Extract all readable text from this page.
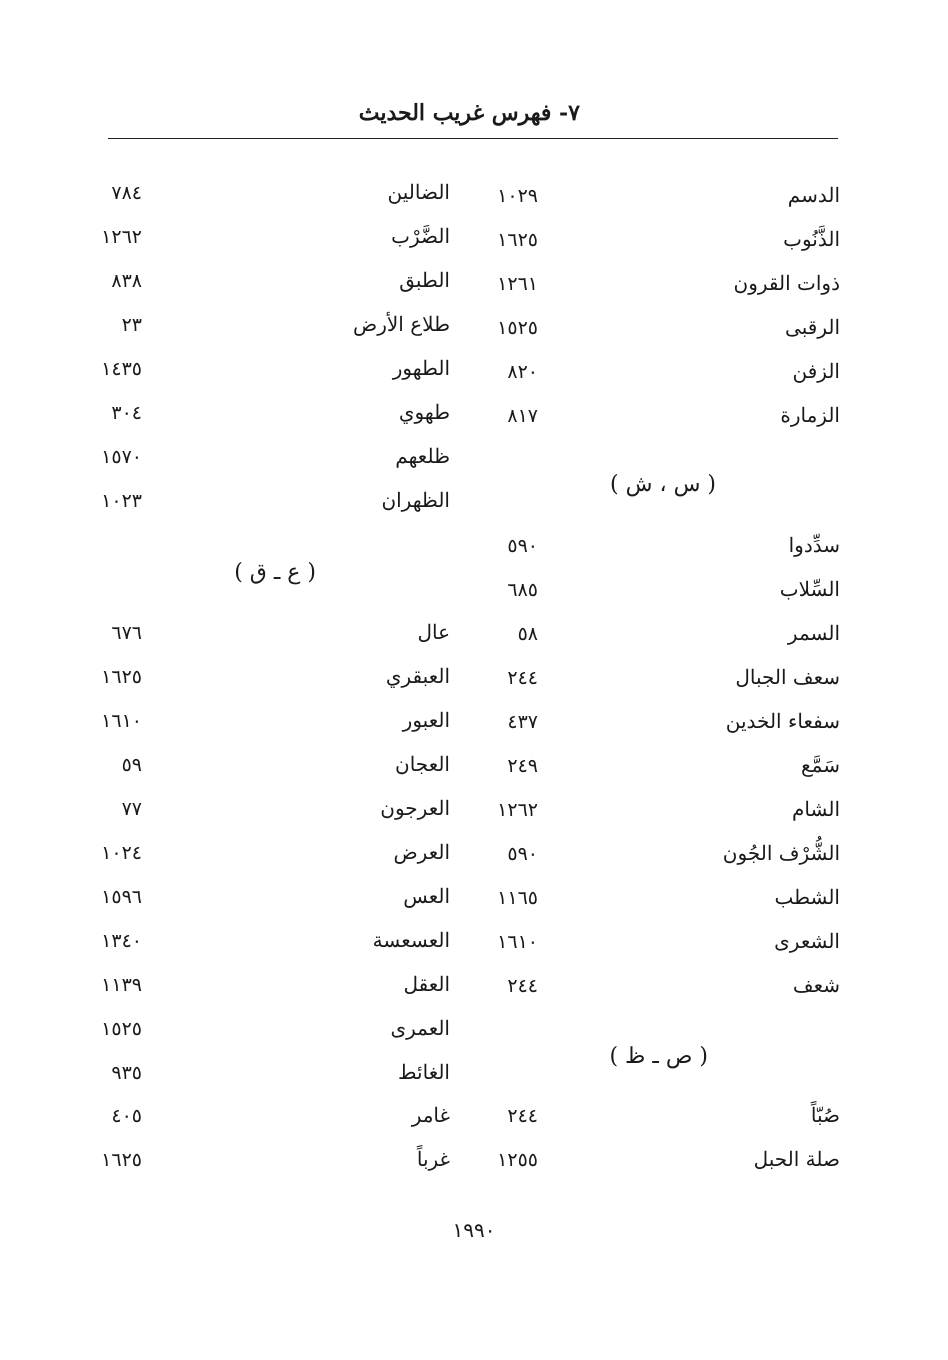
٧- فهرس غريب الحديث
الدسم
١٠٢٩
الذَّنُوب
١٦٢٥
ذوات القرون
١٢٦١
الرقبى
١٥٢٥
الزفن
٨٢٠
الزمارة
٨١٧
( س ، ش )
سدِّدوا
٥٩٠
السِّلاب
٦٨٥
السمر
٥٨
سعف الجبال
٢٤٤
سفعاء الخدين
٤٣٧
سَمَّع
٢٤٩
الشام
١٢٦٢
الشُّرْف الجُون
٥٩٠
الشطب
١١٦٥
الشعرى
١٦١٠
شعف
٢٤٤
( ص ـ ظ )
صُبّاً
٢٤٤
صلة الحبل
١٢٥٥
الضالين
٧٨٤
الضَّرْب
١٢٦٢
الطبق
٨٣٨
طلاع الأرض
٢٣
الطهور
١٤٣٥
طهوي
٣٠٤
ظلعهم
١٥٧٠
الظهران
١٠٢٣
( ع ـ ق )
عال
٦٧٦
العبقري
١٦٢٥
العبور
١٦١٠
العجان
٥٩
العرجون
٧٧
العرض
١٠٢٤
العس
١٥٩٦
العسعسة
١٣٤٠
العقل
١١٣٩
العمرى
١٥٢٥
الغائط
٩٣٥
غامر
٤٠٥
غرباً
١٦٢٥
١٩٩٠
